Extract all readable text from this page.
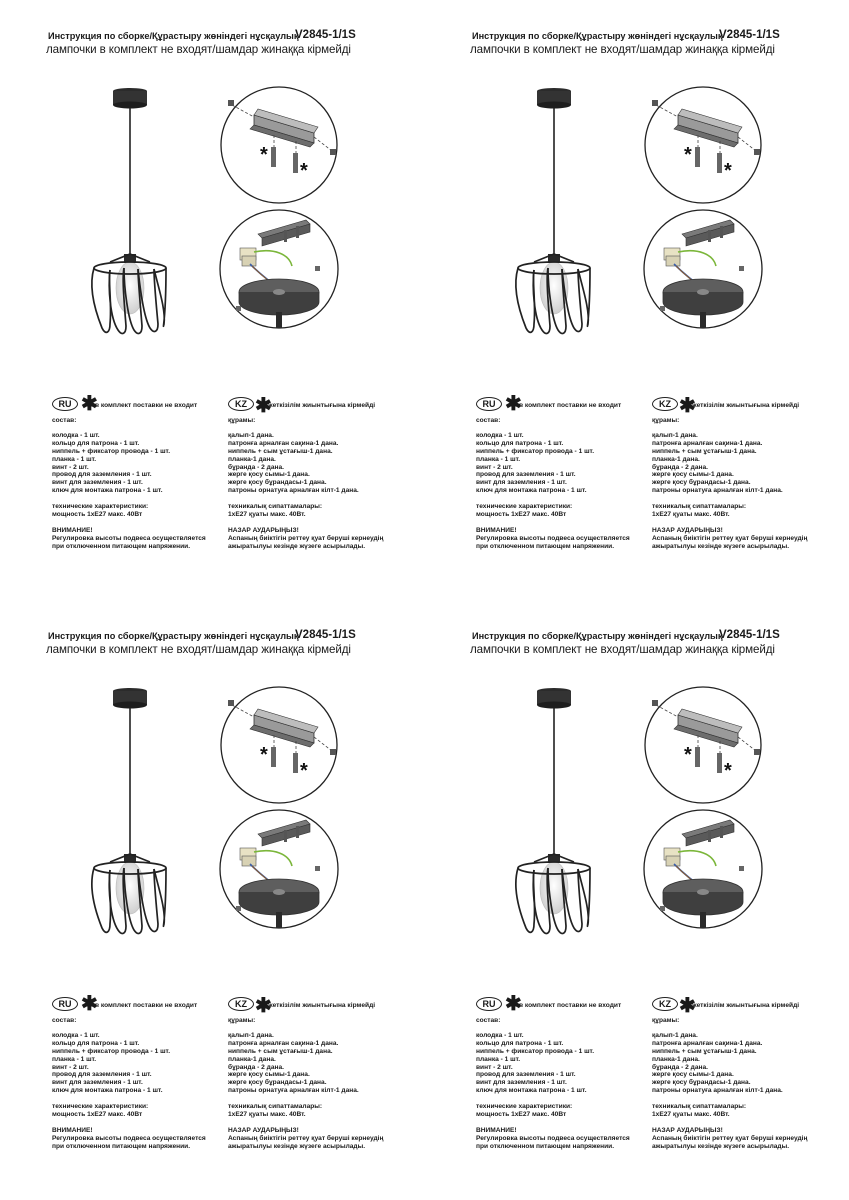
Инструкция по сборке/Құрастыру жөніндегі нұсқаулық
V2845-1/1S
лампочки в комплект не входят/шамдар жинаққа кірмейді
*
*
RU ✱
в комплект поставки не входит
состав:
колодка - 1 шт.
кольцо для патрона - 1 шт.
ниппель + фиксатор провода - 1 шт.
планка - 1 шт.
винт - 2 шт.
провод для заземления - 1 шт.
винт для заземления - 1 шт.
ключ для монтажа патрона - 1 шт.
технические характеристики:
мощность 1хЕ27 макс. 40Вт
ВНИМАНИЕ!
Регулировка высоты подвеса осуществляется
при отключенном питающем напряжении.
KZ ✱
жеткізілім жиынтығына кірмейді
құрамы:
қалып-1 дана.
патронға арналған сақина-1 дана.
ниппель + сым ұстағыш-1 дана.
планка-1 дана.
бұранда - 2 дана.
жерге қосу сымы-1 дана.
жерге қосу бұрандасы-1 дана.
патроны орнатуға арналған кілт-1 дана.
техникалық сипаттамалары:
1хЕ27 қуаты макс. 40Вт.
НАЗАР АУДАРЫҢЫЗ!
Аспаның биіктігін реттеу қуат беруші кернеудің
ажыратылуы кезінде жүзеге асырылады.
Инструкция по сборке/Құрастыру жөніндегі нұсқаулық
V2845-1/1S
лампочки в комплект не входят/шамдар жинаққа кірмейді
*
*
RU ✱
в комплект поставки не входит
состав:
колодка - 1 шт.
кольцо для патрона - 1 шт.
ниппель + фиксатор провода - 1 шт.
планка - 1 шт.
винт - 2 шт.
провод для заземления - 1 шт.
винт для заземления - 1 шт.
ключ для монтажа патрона - 1 шт.
технические характеристики:
мощность 1хЕ27 макс. 40Вт
ВНИМАНИЕ!
Регулировка высоты подвеса осуществляется
при отключенном питающем напряжении.
KZ ✱
жеткізілім жиынтығына кірмейді
құрамы:
қалып-1 дана.
патронға арналған сақина-1 дана.
ниппель + сым ұстағыш-1 дана.
планка-1 дана.
бұранда - 2 дана.
жерге қосу сымы-1 дана.
жерге қосу бұрандасы-1 дана.
патроны орнатуға арналған кілт-1 дана.
техникалық сипаттамалары:
1хЕ27 қуаты макс. 40Вт.
НАЗАР АУДАРЫҢЫЗ!
Аспаның биіктігін реттеу қуат беруші кернеудің
ажыратылуы кезінде жүзеге асырылады.
Инструкция по сборке/Құрастыру жөніндегі нұсқаулық
V2845-1/1S
лампочки в комплект не входят/шамдар жинаққа кірмейді
*
*
RU ✱
в комплект поставки не входит
состав:
колодка - 1 шт.
кольцо для патрона - 1 шт.
ниппель + фиксатор провода - 1 шт.
планка - 1 шт.
винт - 2 шт.
провод для заземления - 1 шт.
винт для заземления - 1 шт.
ключ для монтажа патрона - 1 шт.
технические характеристики:
мощность 1хЕ27 макс. 40Вт
ВНИМАНИЕ!
Регулировка высоты подвеса осуществляется
при отключенном питающем напряжении.
KZ ✱
жеткізілім жиынтығына кірмейді
құрамы:
қалып-1 дана.
патронға арналған сақина-1 дана.
ниппель + сым ұстағыш-1 дана.
планка-1 дана.
бұранда - 2 дана.
жерге қосу сымы-1 дана.
жерге қосу бұрандасы-1 дана.
патроны орнатуға арналған кілт-1 дана.
техникалық сипаттамалары:
1хЕ27 қуаты макс. 40Вт.
НАЗАР АУДАРЫҢЫЗ!
Аспаның биіктігін реттеу қуат беруші кернеудің
ажыратылуы кезінде жүзеге асырылады.
Инструкция по сборке/Құрастыру жөніндегі нұсқаулық
V2845-1/1S
лампочки в комплект не входят/шамдар жинаққа кірмейді
*
*
RU ✱
в комплект поставки не входит
состав:
колодка - 1 шт.
кольцо для патрона - 1 шт.
ниппель + фиксатор провода - 1 шт.
планка - 1 шт.
винт - 2 шт.
провод для заземления - 1 шт.
винт для заземления - 1 шт.
ключ для монтажа патрона - 1 шт.
технические характеристики:
мощность 1хЕ27 макс. 40Вт
ВНИМАНИЕ!
Регулировка высоты подвеса осуществляется
при отключенном питающем напряжении.
KZ ✱
жеткізілім жиынтығына кірмейді
құрамы:
қалып-1 дана.
патронға арналған сақина-1 дана.
ниппель + сым ұстағыш-1 дана.
планка-1 дана.
бұранда - 2 дана.
жерге қосу сымы-1 дана.
жерге қосу бұрандасы-1 дана.
патроны орнатуға арналған кілт-1 дана.
техникалық сипаттамалары:
1хЕ27 қуаты макс. 40Вт.
НАЗАР АУДАРЫҢЫЗ!
Аспаның биіктігін реттеу қуат беруші кернеудің
ажыратылуы кезінде жүзеге асырылады.
